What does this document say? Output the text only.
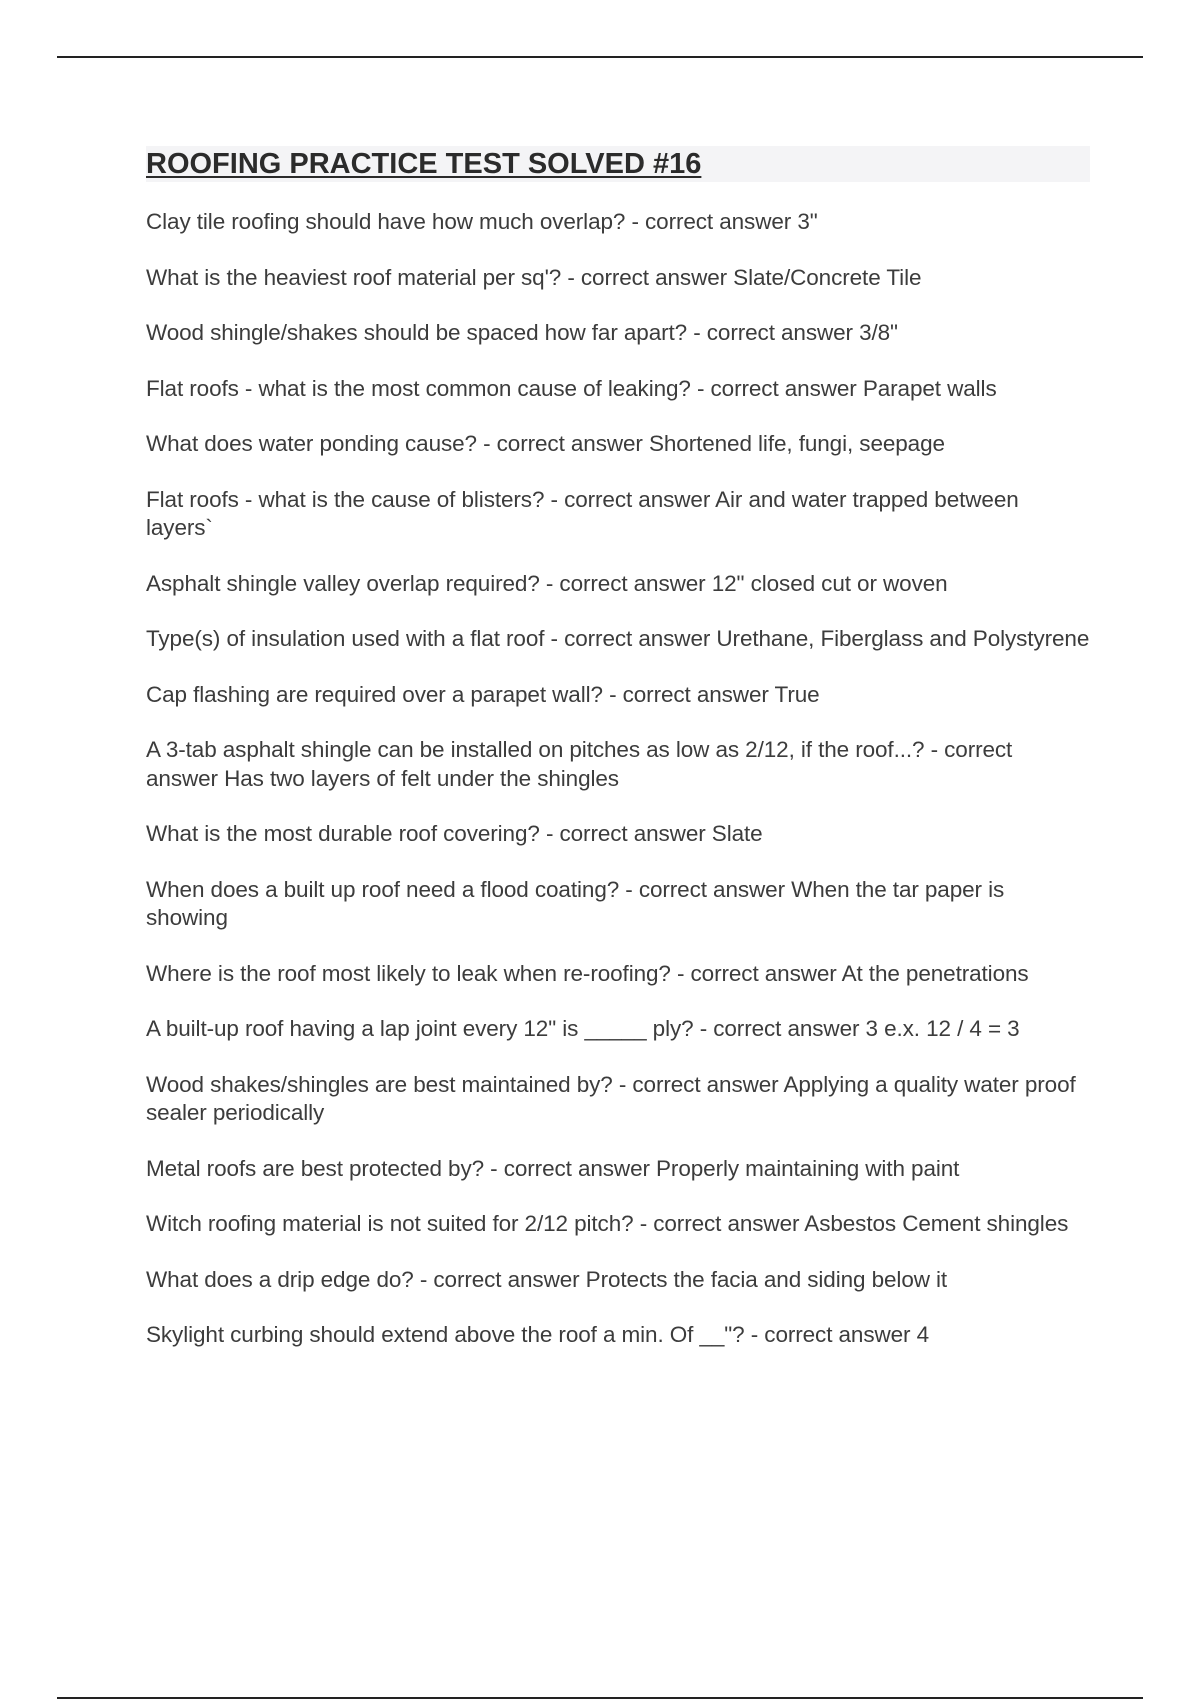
ROOFING PRACTICE TEST SOLVED #16

Clay tile roofing should have how much overlap? - correct answer 3"

What is the heaviest roof material per sq'? - correct answer Slate/Concrete Tile

Wood shingle/shakes should be spaced how far apart? - correct answer 3/8"

Flat roofs - what is the most common cause of leaking? - correct answer Parapet walls

What does water ponding cause? - correct answer Shortened life, fungi, seepage

Flat roofs - what is the cause of blisters? - correct answer Air and water trapped between layers`

Asphalt shingle valley overlap required? - correct answer 12" closed cut or woven

Type(s) of insulation used with a flat roof - correct answer Urethane, Fiberglass and Polystyrene

Cap flashing are required over a parapet wall? - correct answer True

A 3-tab asphalt shingle can be installed on pitches as low as 2/12, if the roof...? - correct answer Has two layers of felt under the shingles

What is the most durable roof covering? - correct answer Slate

When does a built up roof need a flood coating? - correct answer When the tar paper is showing

Where is the roof most likely to leak when re-roofing? - correct answer At the penetrations

A built-up roof having a lap joint every 12" is _____ ply? - correct answer 3 e.x. 12 / 4 = 3

Wood shakes/shingles are best maintained by? - correct answer Applying a quality water proof sealer periodically

Metal roofs are best protected by? - correct answer Properly maintaining with paint

Witch roofing material is not suited for 2/12 pitch? - correct answer Asbestos Cement shingles

What does a drip edge do? - correct answer Protects the facia and siding below it

Skylight curbing should extend above the roof a min. Of __"? - correct answer 4
